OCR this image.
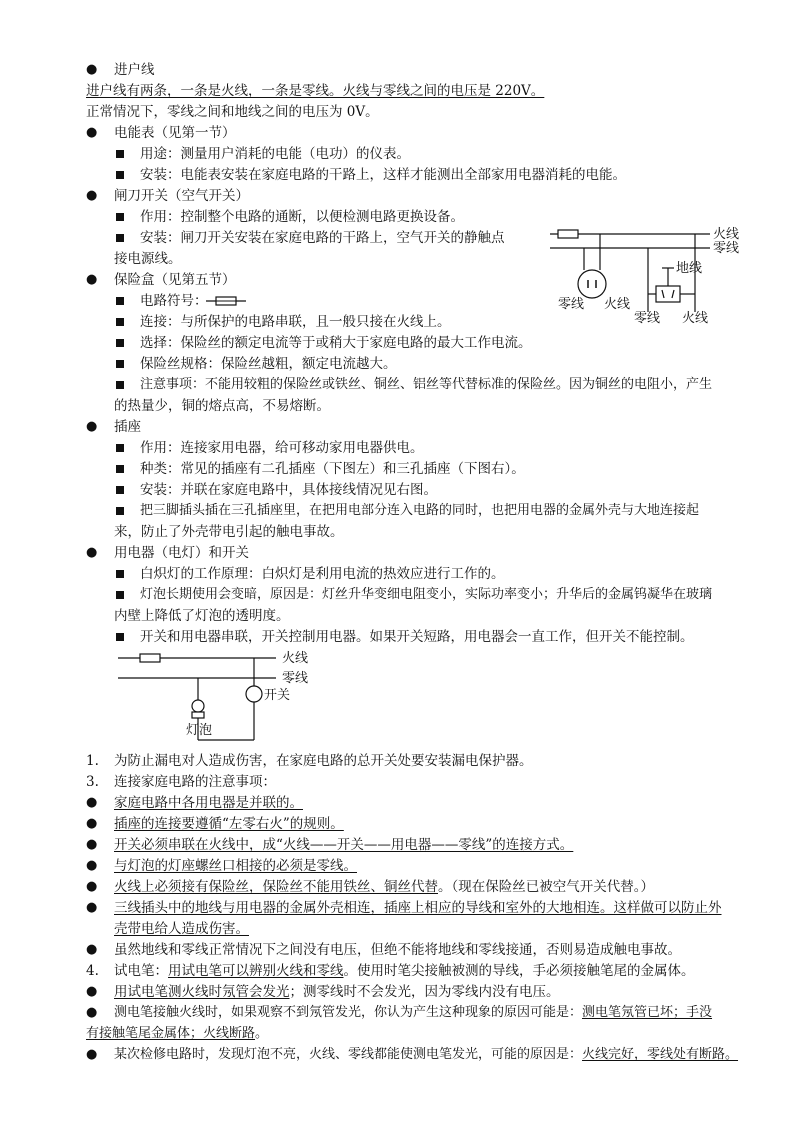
● 进户线
进户线有两条，一条是火线，一条是零线。火线与零线之间的电压是 220V。
正常情况下，零线之间和地线之间的电压为 0V。
● 电能表（见第一节）
用途：测量用户消耗的电能（电功）的仪表。
安装：电能表安装在家庭电路的干路上，这样才能测出全部家用电器消耗的电能。
● 闸刀开关（空气开关）
作用：控制整个电路的通断，以便检测电路更换设备。
安装：闸刀开关安装在家庭电路的干路上，空气开关的静触点
接电源线。
● 保险盒（见第五节）
电路符号：
连接：与所保护的电路串联，且一般只接在火线上。
选择：保险丝的额定电流等于或稍大于家庭电路的最大工作电流。
保险丝规格：保险丝越粗，额定电流越大。
注意事项：不能用较粗的保险丝或铁丝、铜丝、铝丝等代替标准的保险丝。因为铜丝的电阻小，产生
的热量少，铜的熔点高，不易熔断。
● 插座
作用：连接家用电器，给可移动家用电器供电。
种类：常见的插座有二孔插座（下图左）和三孔插座（下图右）。
安装：并联在家庭电路中，具体接线情况见右图。
把三脚插头插在三孔插座里，在把用电部分连入电路的同时，也把用电器的金属外壳与大地连接起
来，防止了外壳带电引起的触电事故。
● 用电器（电灯）和开关
白炽灯的工作原理：白炽灯是利用电流的热效应进行工作的。
灯泡长期使用会变暗，原因是：灯丝升华变细电阻变小，实际功率变小；升华后的金属钨凝华在玻璃
内壁上降低了灯泡的透明度。
开关和用电器串联，开关控制用电器。如果开关短路，用电器会一直工作，但开关不能控制。
火线
零线
零线 火线
地线
零线 火线
火线
零线
灯泡
开关
1. 为防止漏电对人造成伤害，在家庭电路的总开关处要安装漏电保护器。
3. 连接家庭电路的注意事项：
● 家庭电路中各用电器是并联的。
● 插座的连接要遵循“左零右火”的规则。
● 开关必须串联在火线中，成“火线——开关——用电器——零线”的连接方式。
● 与灯泡的灯座螺丝口相接的必须是零线。
● 火线上必须接有保险丝，保险丝不能用铁丝、铜丝代替。（现在保险丝已被空气开关代替。）
● 三线插头中的地线与用电器的金属外壳相连，插座上相应的导线和室外的大地相连。这样做可以防止外
壳带电给人造成伤害。
● 虽然地线和零线正常情况下之间没有电压，但绝不能将地线和零线接通，否则易造成触电事故。
4. 试电笔：用试电笔可以辨别火线和零线。使用时笔尖接触被测的导线，手必须接触笔尾的金属体。
● 用试电笔测火线时氖管会发光；测零线时不会发光，因为零线内没有电压。
● 测电笔接触火线时，如果观察不到氖管发光，你认为产生这种现象的原因可能是：测电笔氖管已坏；手没
有接触笔尾金属体；火线断路。
● 某次检修电路时，发现灯泡不亮，火线、零线都能使测电笔发光，可能的原因是：火线完好，零线处有断路。
